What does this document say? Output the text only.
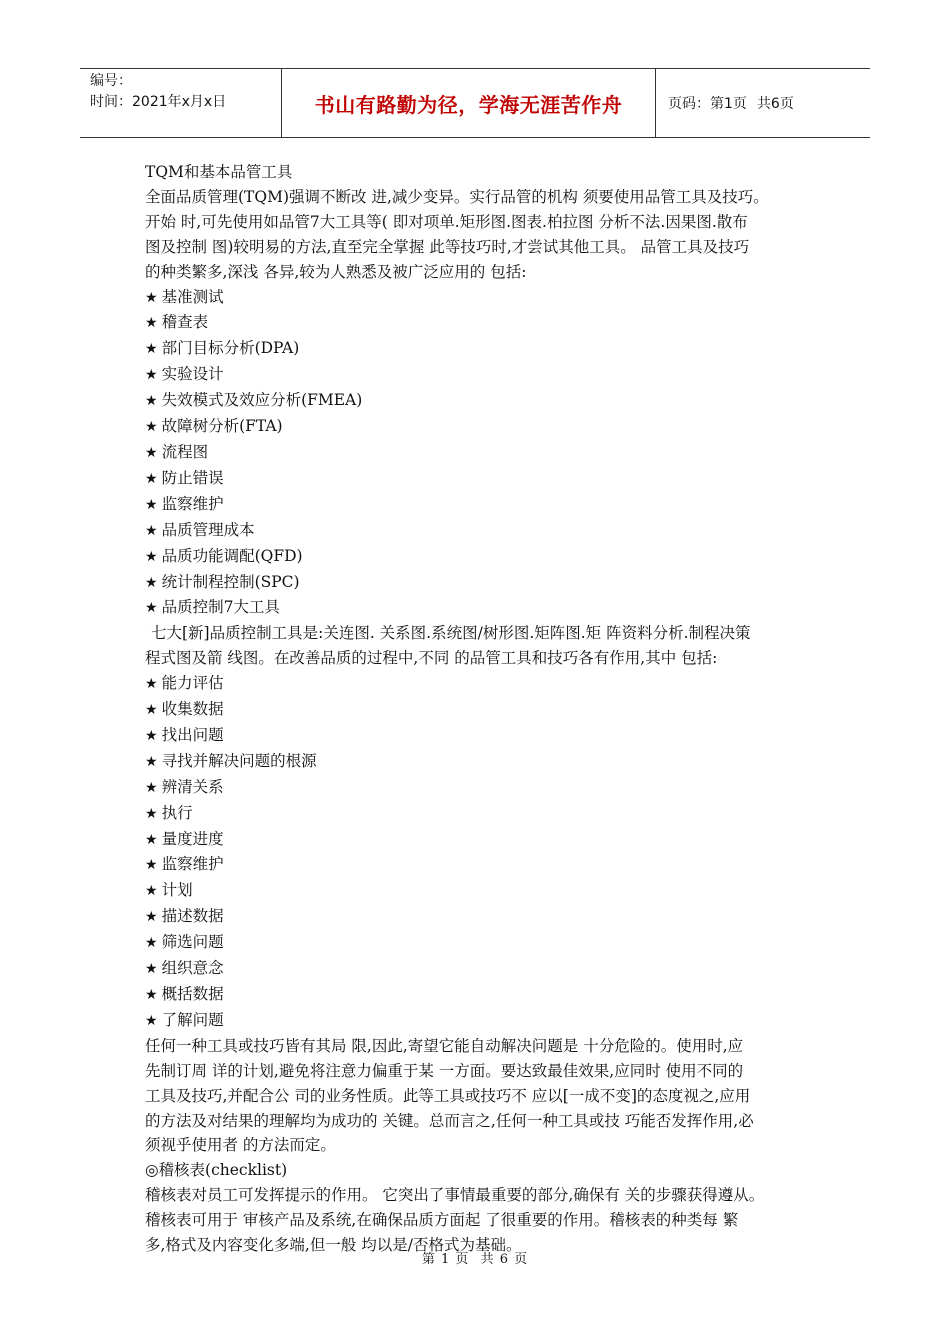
编号：
时间：2021年x月x日	书山有路勤为径，学海无涯苦作舟	页码：第1页 共6页

TQM和基本品管工具

全面品质管理(TQM)强调不断改 进,减少变异。实行品管的机构 须要使用品管工具及技巧。

开始 时,可先使用如品管7大工具等( 即对项单.矩形图.图表.柏拉图 分析不法.因果图.散布

图及控制 图)较明易的方法,直至完全掌握 此等技巧时,才尝试其他工具。 品管工具及技巧

的种类繁多,深浅 各异,较为人熟悉及被广泛应用的 包括:

★ 基准测试

★ 稽查表

★ 部门目标分析(DPA)

★ 实验设计

★ 失效模式及效应分析(FMEA)

★ 故障树分析(FTA)

★ 流程图

★ 防止错误

★ 监察维护

★ 品质管理成本

★ 品质功能调配(QFD)

★ 统计制程控制(SPC)

★ 品质控制7大工具

七大[新]品质控制工具是:关连图. 关系图.系统图/树形图.矩阵图.矩 阵资料分析.制程决策

程式图及箭 线图。在改善品质的过程中,不同 的品管工具和技巧各有作用,其中 包括:

★ 能力评估

★ 收集数据

★ 找出问题

★ 寻找并解决问题的根源

★ 辨清关系

★ 执行

★ 量度进度

★ 监察维护

★ 计划

★ 描述数据

★ 筛选问题

★ 组织意念

★ 概括数据

★ 了解问题

任何一种工具或技巧皆有其局 限,因此,寄望它能自动解决问题是 十分危险的。使用时,应

先制订周 详的计划,避免将注意力偏重于某 一方面。要达致最佳效果,应同时 使用不同的

工具及技巧,并配合公 司的业务性质。此等工具或技巧不 应以[一成不变]的态度视之,应用

的方法及对结果的理解均为成功的 关键。总而言之,任何一种工具或技 巧能否发挥作用,必

须视乎使用者 的方法而定。

◎稽核表(checklist)

稽核表对员工可发挥提示的作用。 它突出了事情最重要的部分,确保有 关的步骤获得遵从。

稽核表可用于 审核产品及系统,在确保品质方面起 了很重要的作用。稽核表的种类每 繁

多,格式及内容变化多端,但一般 均以是/否格式为基础。

第 1 页 共 6 页
